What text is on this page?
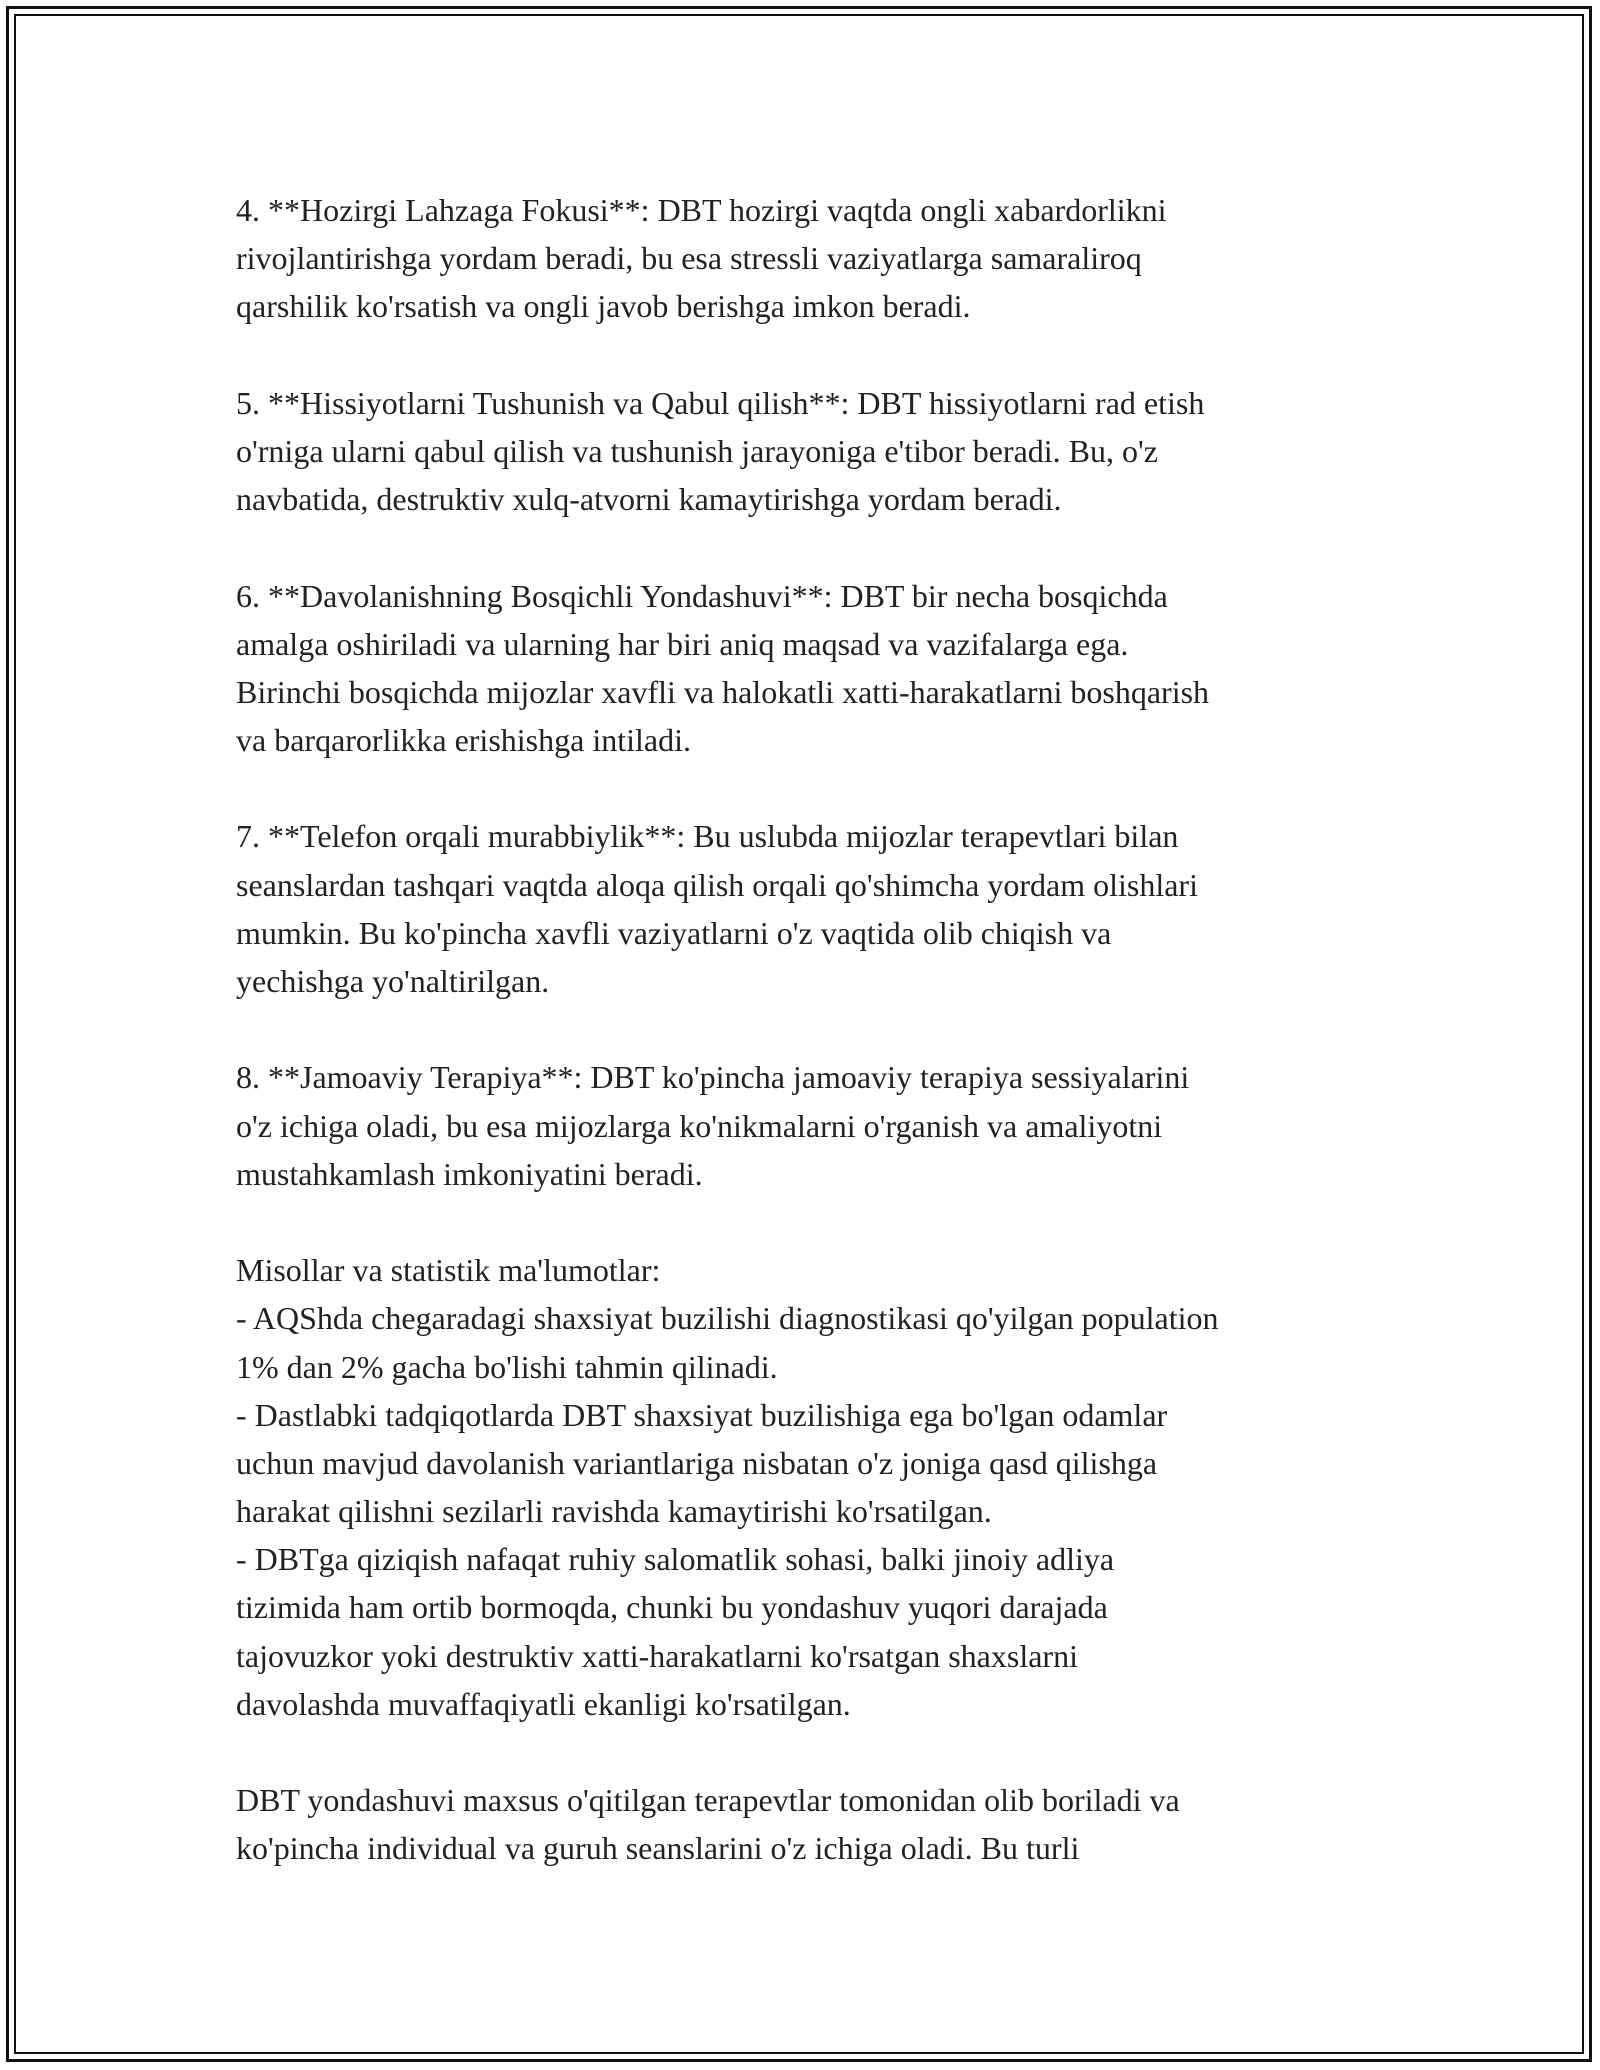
4. **Hozirgi Lahzaga Fokusi**: DBT hozirgi vaqtda ongli xabardorlikni
rivojlantirishga yordam beradi, bu esa stressli vaziyatlarga samaraliroq
qarshilik ko'rsatish va ongli javob berishga imkon beradi.
5. **Hissiyotlarni Tushunish va Qabul qilish**: DBT hissiyotlarni rad etish
o'rniga ularni qabul qilish va tushunish jarayoniga e'tibor beradi. Bu, o'z
navbatida, destruktiv xulq-atvorni kamaytirishga yordam beradi.
6. **Davolanishning Bosqichli Yondashuvi**: DBT bir necha bosqichda
amalga oshiriladi va ularning har biri aniq maqsad va vazifalarga ega.
Birinchi bosqichda mijozlar xavfli va halokatli xatti-harakatlarni boshqarish
va barqarorlikka erishishga intiladi.
7. **Telefon orqali murabbiylik**: Bu uslubda mijozlar terapevtlari bilan
seanslardan tashqari vaqtda aloqa qilish orqali qo'shimcha yordam olishlari
mumkin. Bu ko'pincha xavfli vaziyatlarni o'z vaqtida olib chiqish va
yechishga yo'naltirilgan.
8. **Jamoaviy Terapiya**: DBT ko'pincha jamoaviy terapiya sessiyalarini
o'z ichiga oladi, bu esa mijozlarga ko'nikmalarni o'rganish va amaliyotni
mustahkamlash imkoniyatini beradi.
Misollar va statistik ma'lumotlar:
- AQShda chegaradagi shaxsiyat buzilishi diagnostikasi qo'yilgan population
1% dan 2% gacha bo'lishi tahmin qilinadi.
- Dastlabki tadqiqotlarda DBT shaxsiyat buzilishiga ega bo'lgan odamlar
uchun mavjud davolanish variantlariga nisbatan o'z joniga qasd qilishga
harakat qilishni sezilarli ravishda kamaytirishi ko'rsatilgan.
- DBTga qiziqish nafaqat ruhiy salomatlik sohasi, balki jinoiy adliya
tizimida ham ortib bormoqda, chunki bu yondashuv yuqori darajada
tajovuzkor yoki destruktiv xatti-harakatlarni ko'rsatgan shaxslarni
davolashda muvaffaqiyatli ekanligi ko'rsatilgan.
DBT yondashuvi maxsus o'qitilgan terapevtlar tomonidan olib boriladi va
ko'pincha individual va guruh seanslarini o'z ichiga oladi. Bu turli
